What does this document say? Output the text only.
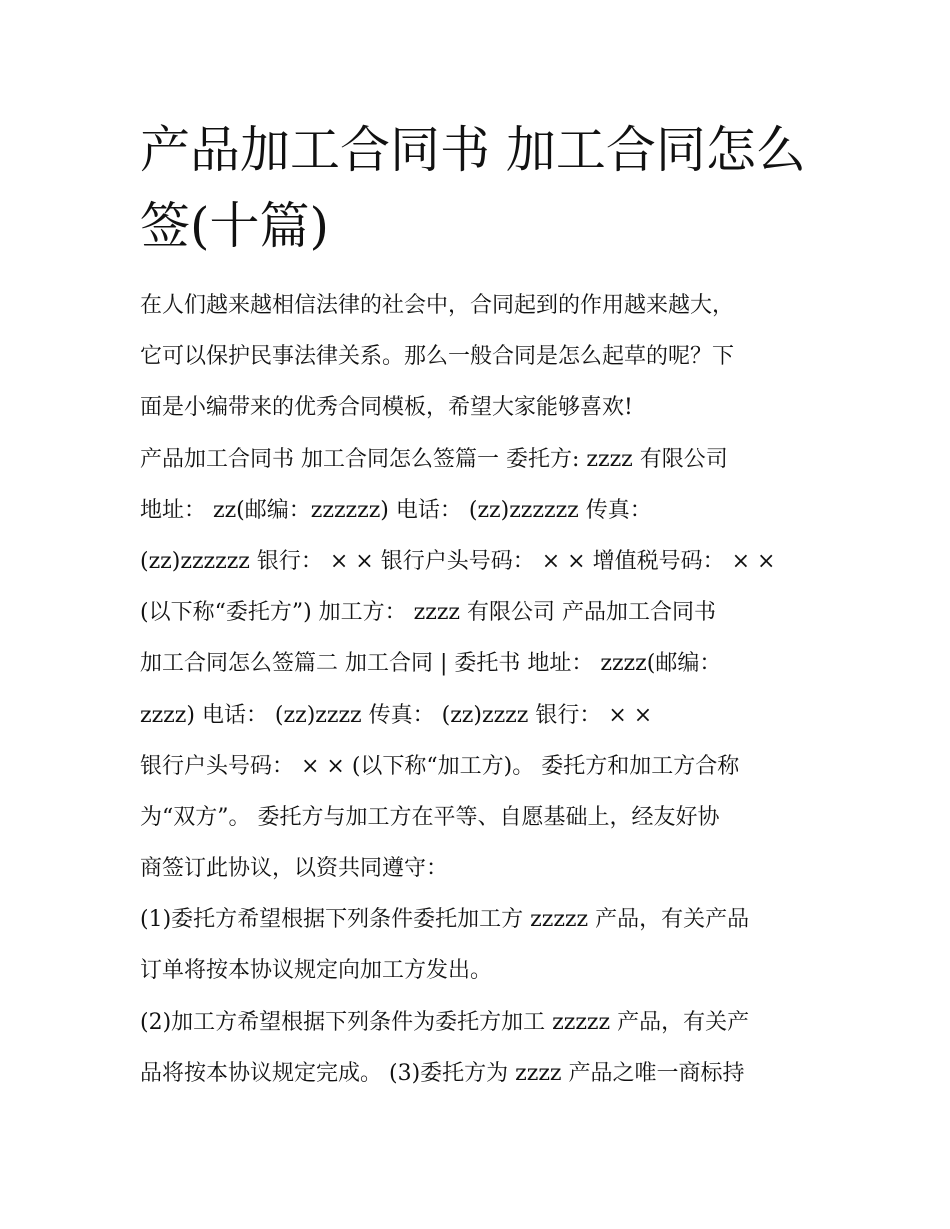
产品加工合同书 加工合同怎么
签(十篇)
在人们越来越相信法律的社会中，合同起到的作用越来越大，
它可以保护民事法律关系。那么一般合同是怎么起草的呢？下
面是小编带来的优秀合同模板，希望大家能够喜欢!
产品加工合同书 加工合同怎么签篇一 委托方: zzzz 有限公司
地址： zz(邮编：zzzzzz) 电话： (zz)zzzzzz 传真：
(zz)zzzzzz 银行： × × 银行户头号码： × × 增值税号码： × ×
(以下称“委托方”) 加工方： zzzz 有限公司 产品加工合同书
加工合同怎么签篇二 加工合同 | 委托书 地址： zzzz(邮编：
zzzz) 电话： (zz)zzzz 传真： (zz)zzzz 银行： × ×
银行户头号码： × × (以下称“加工方)。 委托方和加工方合称
为“双方”。 委托方与加工方在平等、自愿基础上，经友好协
商签订此协议，以资共同遵守：
(1)委托方希望根据下列条件委托加工方 zzzzz 产品，有关产品
订单将按本协议规定向加工方发出。
(2)加工方希望根据下列条件为委托方加工 zzzzz 产品，有关产
品将按本协议规定完成。 (3)委托方为 zzzz 产品之唯一商标持
